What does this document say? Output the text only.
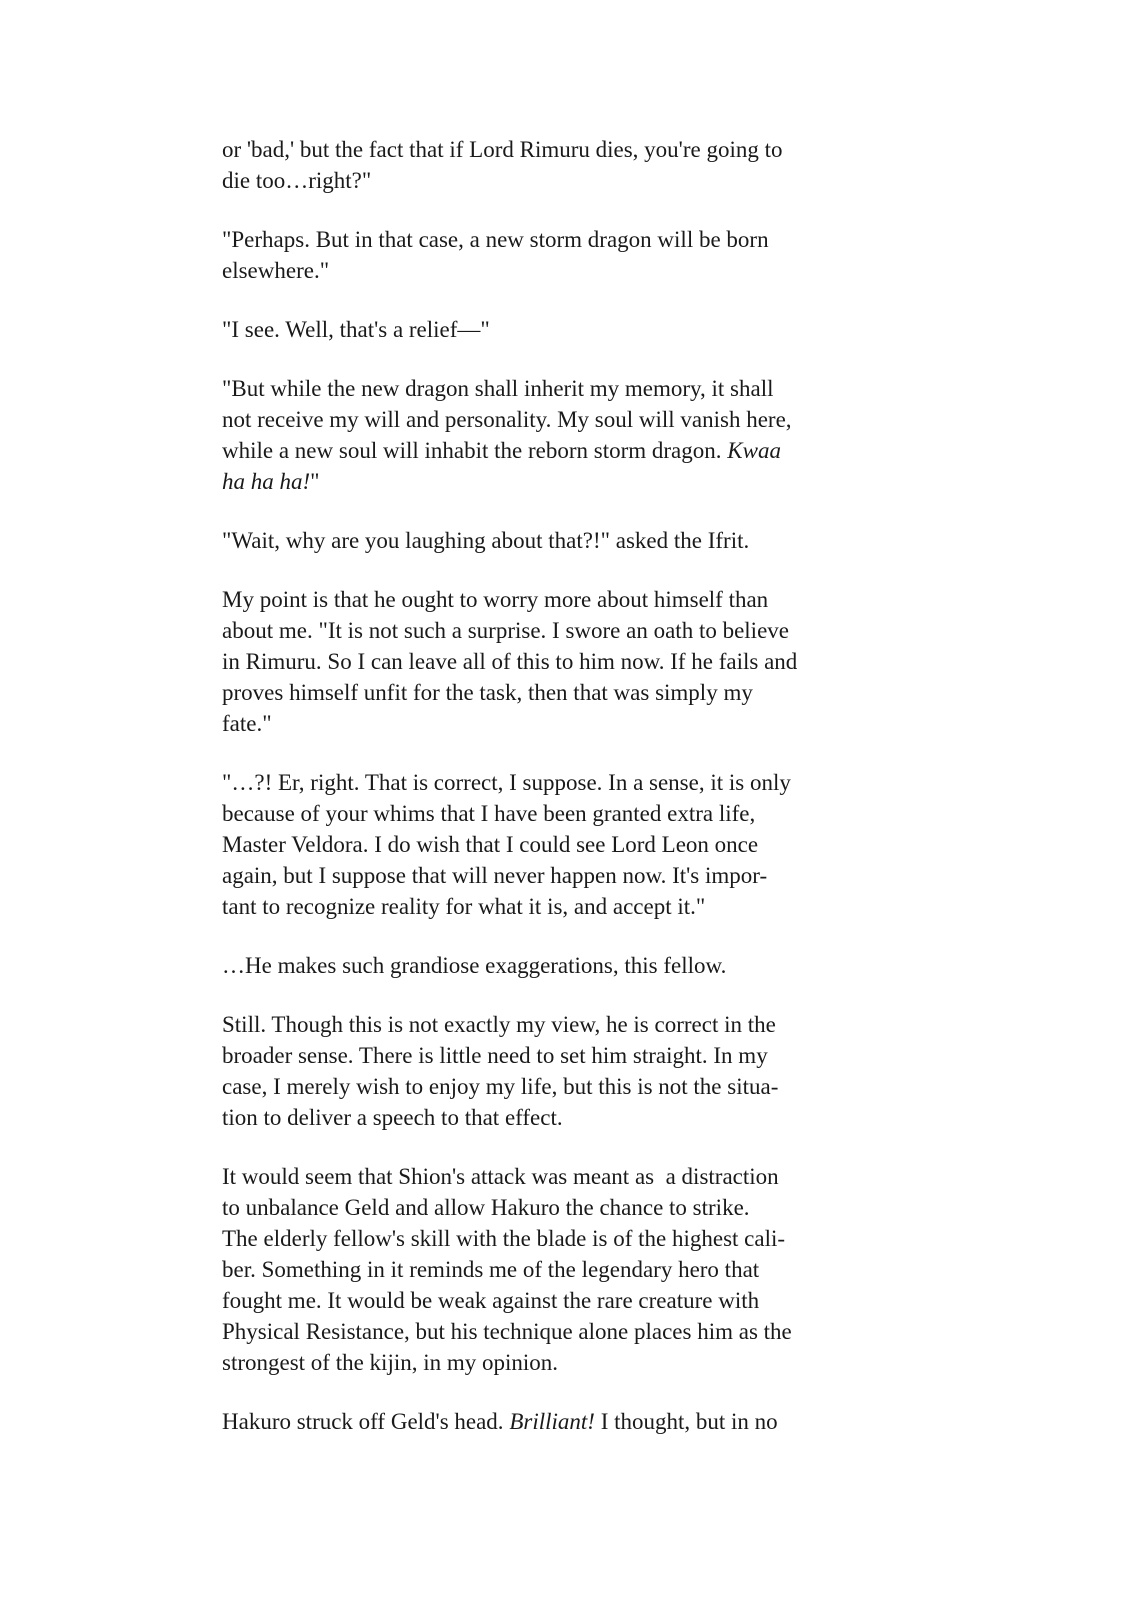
or 'bad,' but the fact that if Lord Rimuru dies, you're going to
die too…right?"

"Perhaps. But in that case, a new storm dragon will be born
elsewhere."

"I see. Well, that's a relief—"

"But while the new dragon shall inherit my memory, it shall
not receive my will and personality. My soul will vanish here,
while a new soul will inhabit the reborn storm dragon. Kwaa
ha ha ha!"

"Wait, why are you laughing about that?!" asked the Ifrit.

My point is that he ought to worry more about himself than
about me. "It is not such a surprise. I swore an oath to believe
in Rimuru. So I can leave all of this to him now. If he fails and
proves himself unfit for the task, then that was simply my
fate."

"…?! Er, right. That is correct, I suppose. In a sense, it is only
because of your whims that I have been granted extra life,
Master Veldora. I do wish that I could see Lord Leon once
again, but I suppose that will never happen now. It's impor-
tant to recognize reality for what it is, and accept it."

…He makes such grandiose exaggerations, this fellow.

Still. Though this is not exactly my view, he is correct in the
broader sense. There is little need to set him straight. In my
case, I merely wish to enjoy my life, but this is not the situa-
tion to deliver a speech to that effect.

It would seem that Shion's attack was meant as  a distraction
to unbalance Geld and allow Hakuro the chance to strike.
The elderly fellow's skill with the blade is of the highest cali-
ber. Something in it reminds me of the legendary hero that
fought me. It would be weak against the rare creature with
Physical Resistance, but his technique alone places him as the
strongest of the kijin, in my opinion.

Hakuro struck off Geld's head. Brilliant! I thought, but in no
